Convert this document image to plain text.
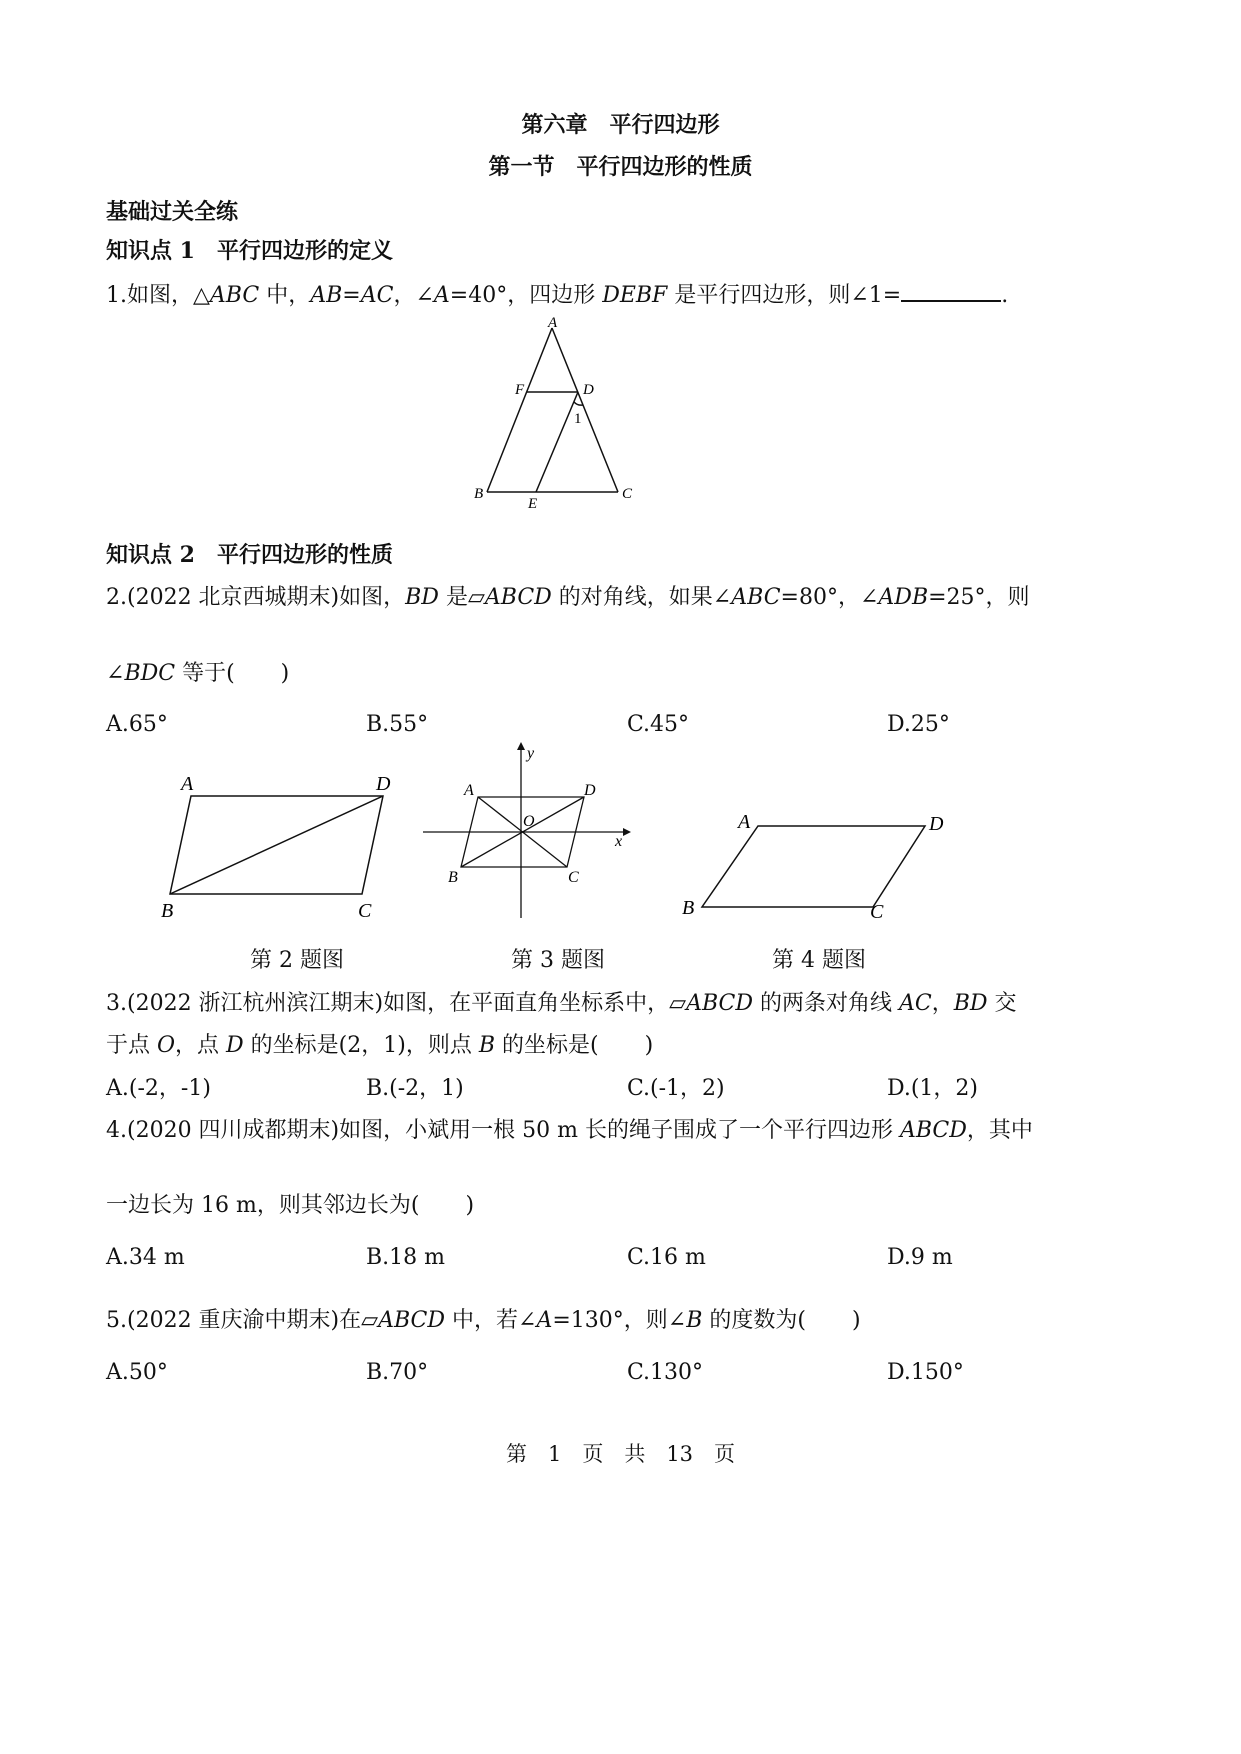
第六章　平行四边形
第一节　平行四边形的性质
基础过关全练
知识点 1　平行四边形的定义
1.如图，△ABC 中，AB=AC，∠A=40°，四边形 DEBF 是平行四边形，则∠1=	.
A
F	D
1
B
E
C
知识点 2　平行四边形的性质
2.(2022 北京西城期末)如图，BD 是▱ABCD 的对角线，如果∠ABC=80°，∠ADB=25°，则
∠BDC 等于( )
A.65°	B.55°	C.45°	D.25°
A	D
B	C
A	D
O
x
y
B	C
A	D
B	C
第 2 题图	第 3 题图	第 4 题图
3.(2022 浙江杭州滨江期末)如图，在平面直角坐标系中，▱ABCD 的两条对角线 AC，BD 交
于点 O，点 D 的坐标是(2，1)，则点 B 的坐标是( )
A.(-2，-1)	B.(-2，1)	C.(-1，2)	D.(1，2)
4.(2020 四川成都期末)如图，小斌用一根 50 m 长的绳子围成了一个平行四边形 ABCD，其中
一边长为 16 m，则其邻边长为( )
A.34 m	B.18 m	C.16 m	D.9 m
5.(2022 重庆渝中期末)在▱ABCD 中，若∠A=130°，则∠B 的度数为( )
A.50°	B.70°	C.130°	D.150°
第　1　页　共　13　页
